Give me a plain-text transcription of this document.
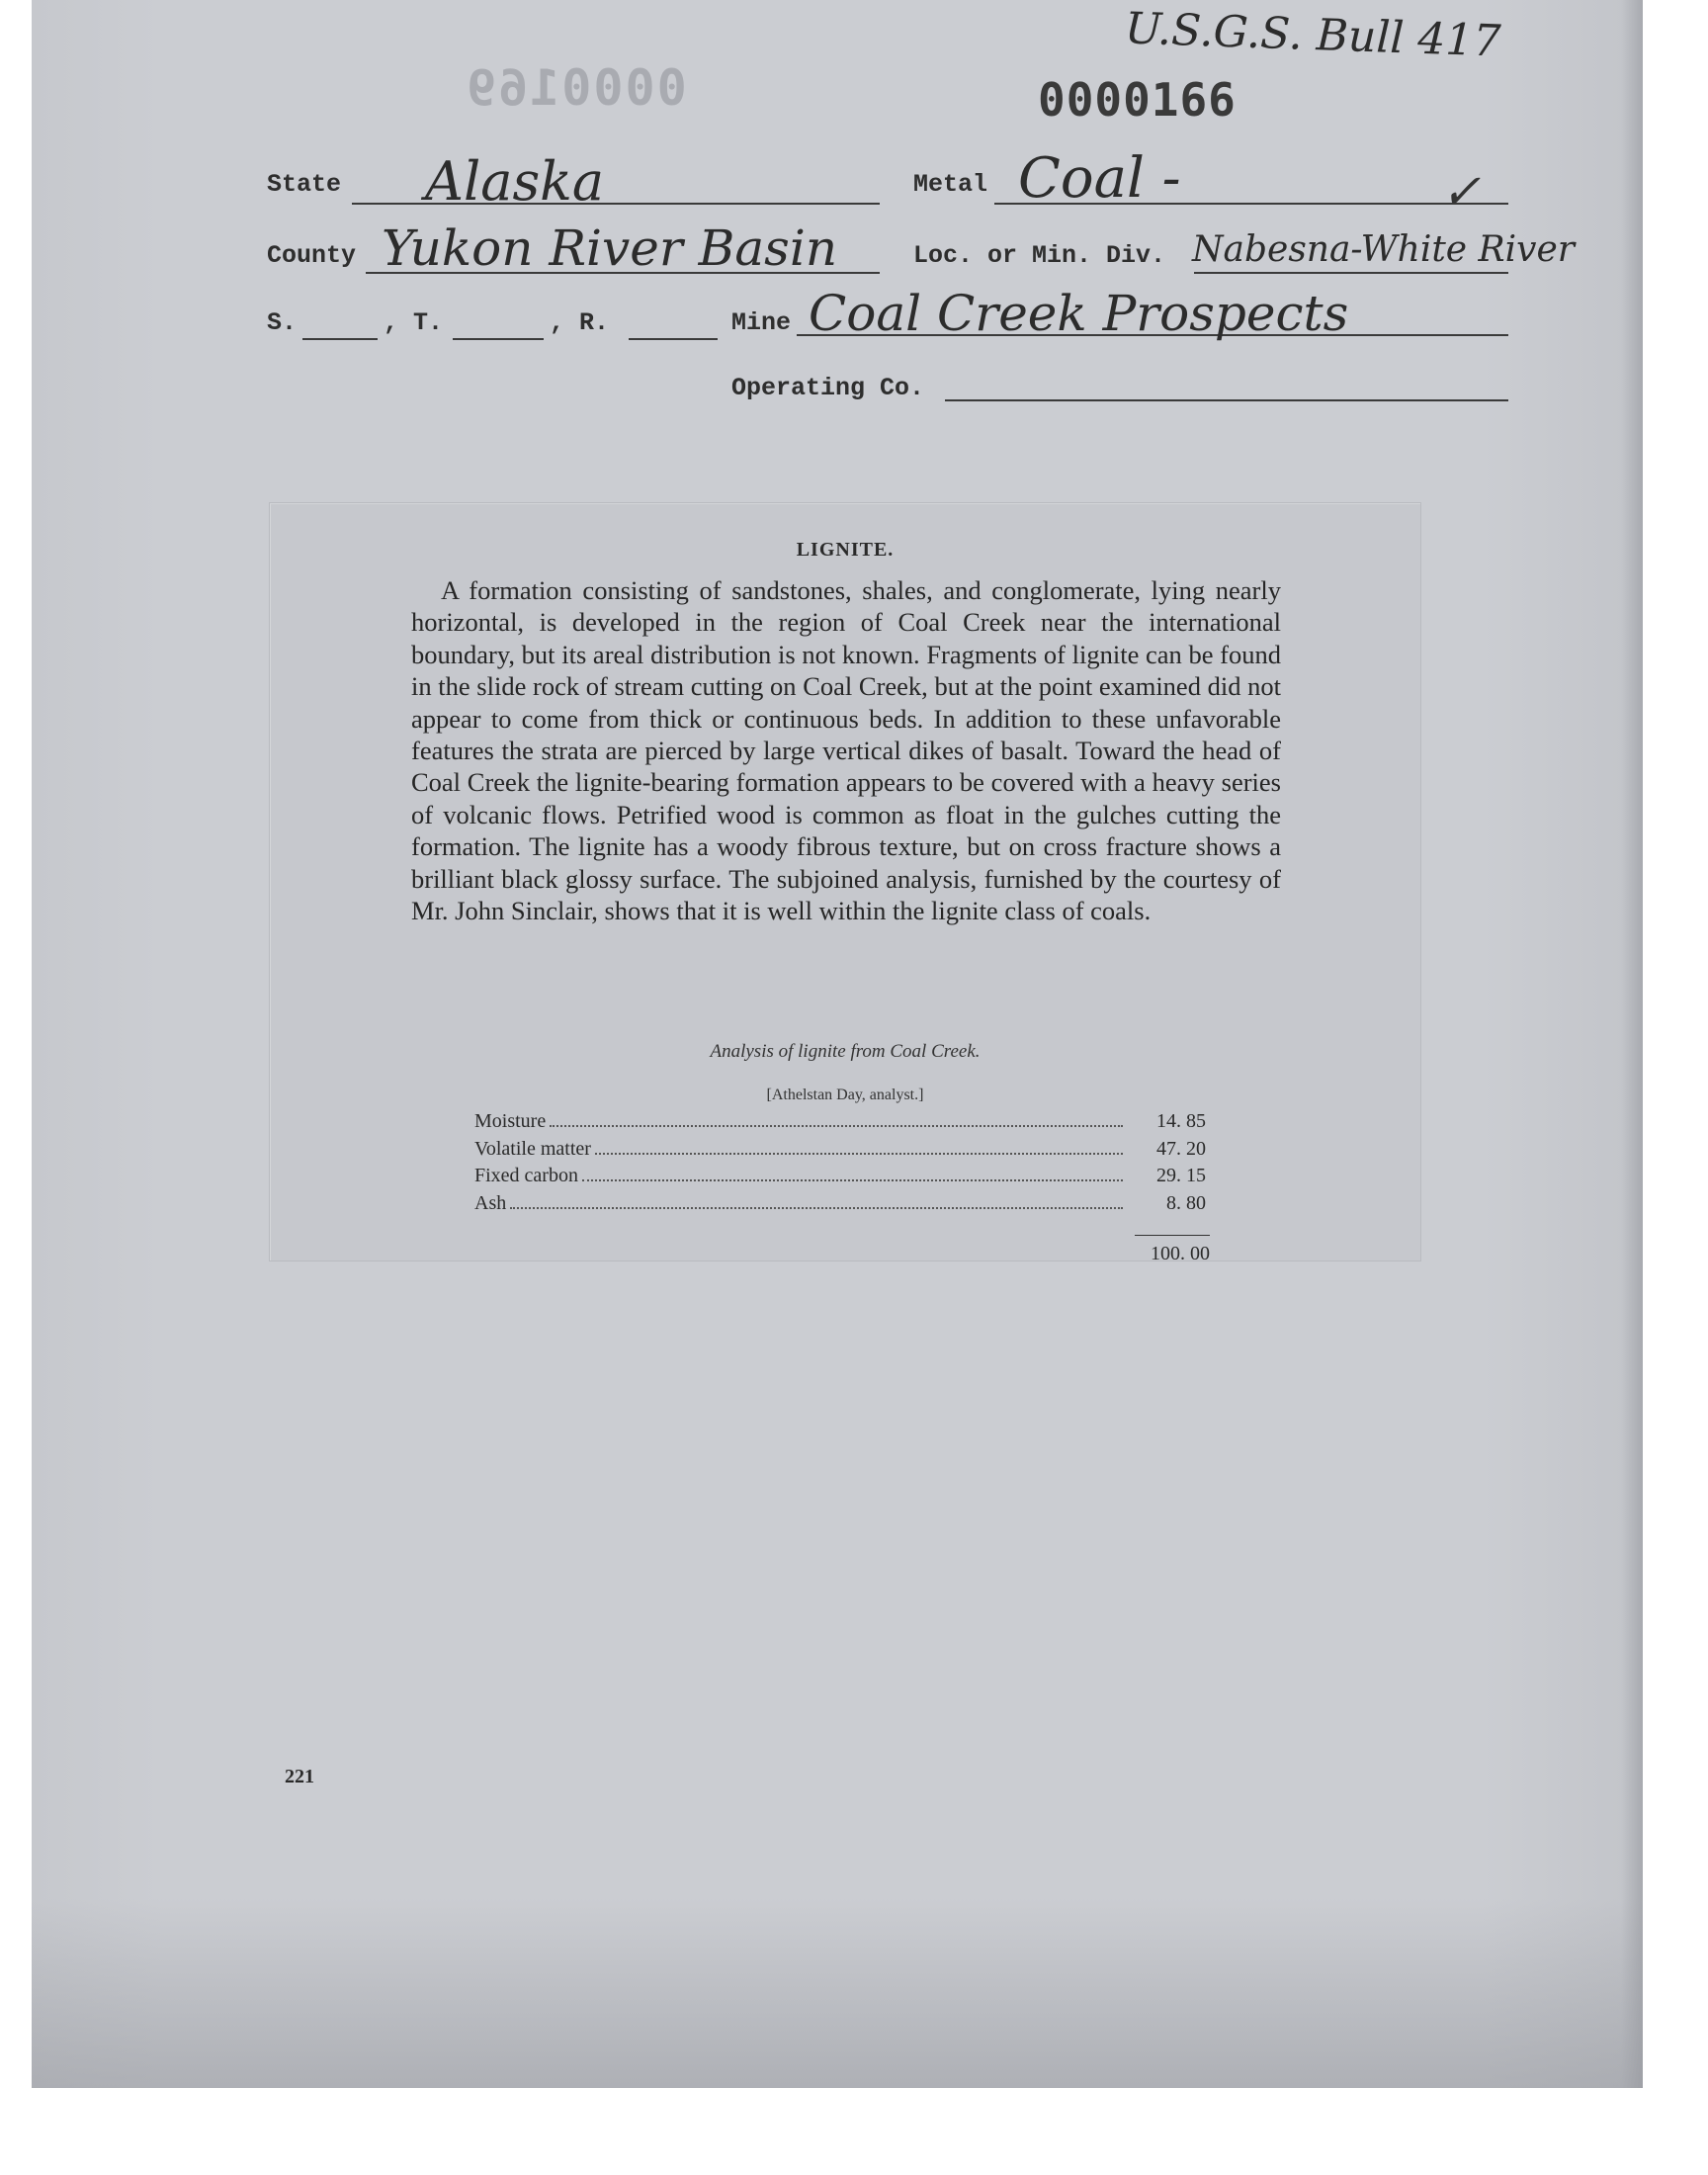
U.S.G.S. Bull 417
0000169	0000166
State Alaska	Metal Coal -	✓
County Yukon River Basin	Loc. or Min. Div. Nabesna-White River
S.	, T.	, R.	Mine Coal Creek Prospects
Operating Co.
LIGNITE.

A formation consisting of sandstones, shales, and conglomerate, lying nearly horizontal, is developed in the region of Coal Creek near the international boundary, but its areal distribution is not known. Fragments of lignite can be found in the slide rock of stream cutting on Coal Creek, but at the point examined did not appear to come from thick or continuous beds. In addition to these unfavorable features the strata are pierced by large vertical dikes of basalt. Toward the head of Coal Creek the lignite-bearing formation appears to be covered with a heavy series of volcanic flows. Petrified wood is common as float in the gulches cutting the formation. The lignite has a woody fibrous texture, but on cross fracture shows a brilliant black glossy surface. The subjoined analysis, furnished by the courtesy of Mr. John Sinclair, shows that it is well within the lignite class of coals.

Analysis of lignite from Coal Creek.
[Athelstan Day, analyst.]
Moisture	14. 85
Volatile matter	47. 20
Fixed carbon	29. 15
Ash	8. 80
100. 00
221
